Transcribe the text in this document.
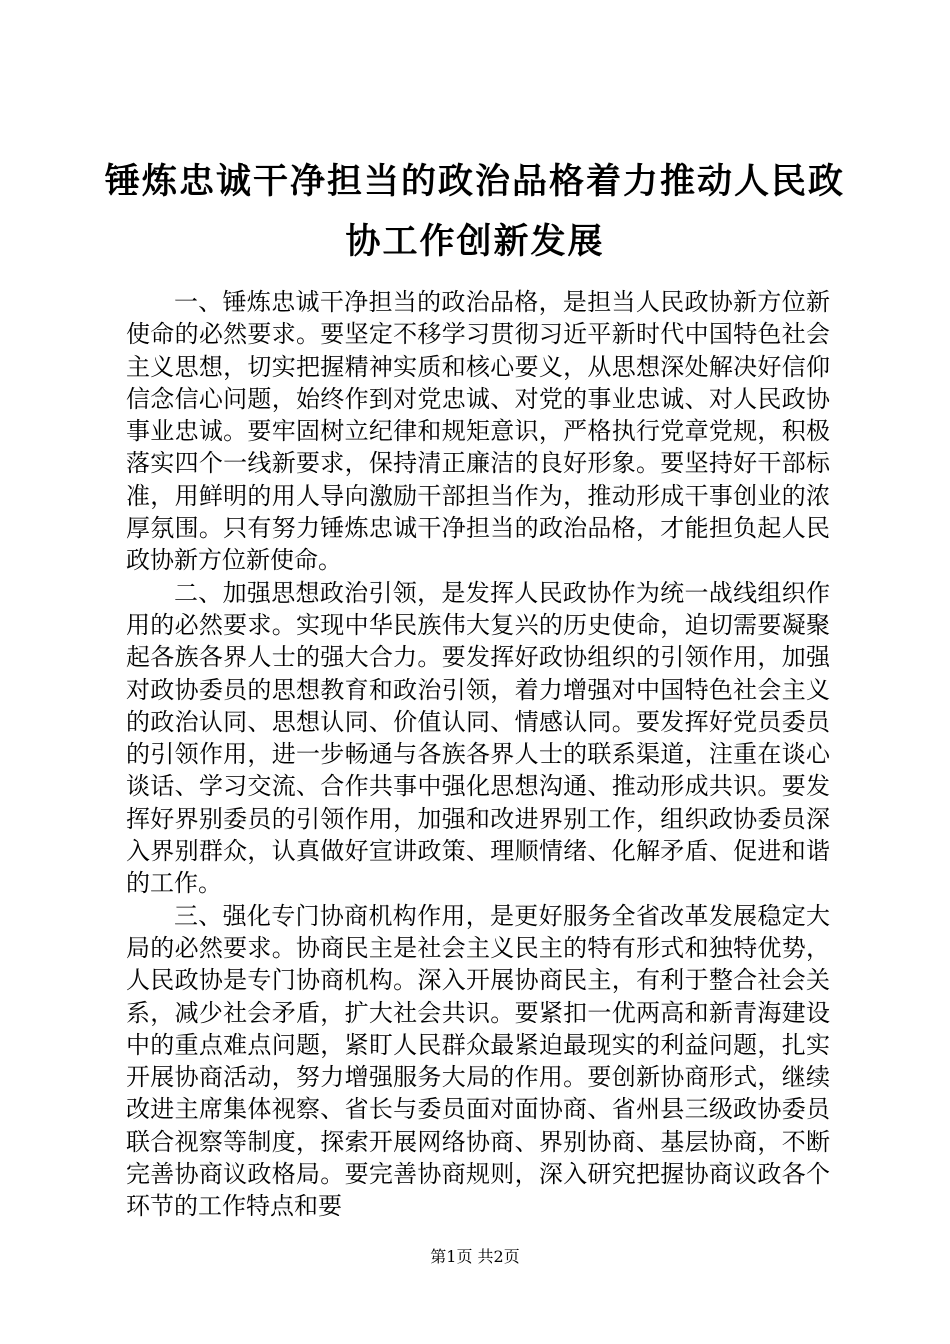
锤炼忠诚干净担当的政治品格着力推动人民政
协工作创新发展

一、锤炼忠诚干净担当的政治品格，是担当人民政协新方位新使命的必然要求。要坚定不移学习贯彻习近平新时代中国特色社会主义思想，切实把握精神实质和核心要义，从思想深处解决好信仰信念信心问题，始终作到对党忠诚、对党的事业忠诚、对人民政协事业忠诚。要牢固树立纪律和规矩意识，严格执行党章党规，积极落实四个一线新要求，保持清正廉洁的良好形象。要坚持好干部标准，用鲜明的用人导向激励干部担当作为，推动形成干事创业的浓厚氛围。只有努力锤炼忠诚干净担当的政治品格，才能担负起人民政协新方位新使命。

二、加强思想政治引领，是发挥人民政协作为统一战线组织作用的必然要求。实现中华民族伟大复兴的历史使命，迫切需要凝聚起各族各界人士的强大合力。要发挥好政协组织的引领作用，加强对政协委员的思想教育和政治引领，着力增强对中国特色社会主义的政治认同、思想认同、价值认同、情感认同。要发挥好党员委员的引领作用，进一步畅通与各族各界人士的联系渠道，注重在谈心谈话、学习交流、合作共事中强化思想沟通、推动形成共识。要发挥好界别委员的引领作用，加强和改进界别工作，组织政协委员深入界别群众，认真做好宣讲政策、理顺情绪、化解矛盾、促进和谐的工作。

三、强化专门协商机构作用，是更好服务全省改革发展稳定大局的必然要求。协商民主是社会主义民主的特有形式和独特优势，人民政协是专门协商机构。深入开展协商民主，有利于整合社会关系，减少社会矛盾，扩大社会共识。要紧扣一优两高和新青海建设中的重点难点问题，紧盯人民群众最紧迫最现实的利益问题，扎实开展协商活动，努力增强服务大局的作用。要创新协商形式，继续改进主席集体视察、省长与委员面对面协商、省州县三级政协委员联合视察等制度，探索开展网络协商、界别协商、基层协商，不断完善协商议政格局。要完善协商规则，深入研究把握协商议政各个环节的工作特点和要

第1页 共2页
